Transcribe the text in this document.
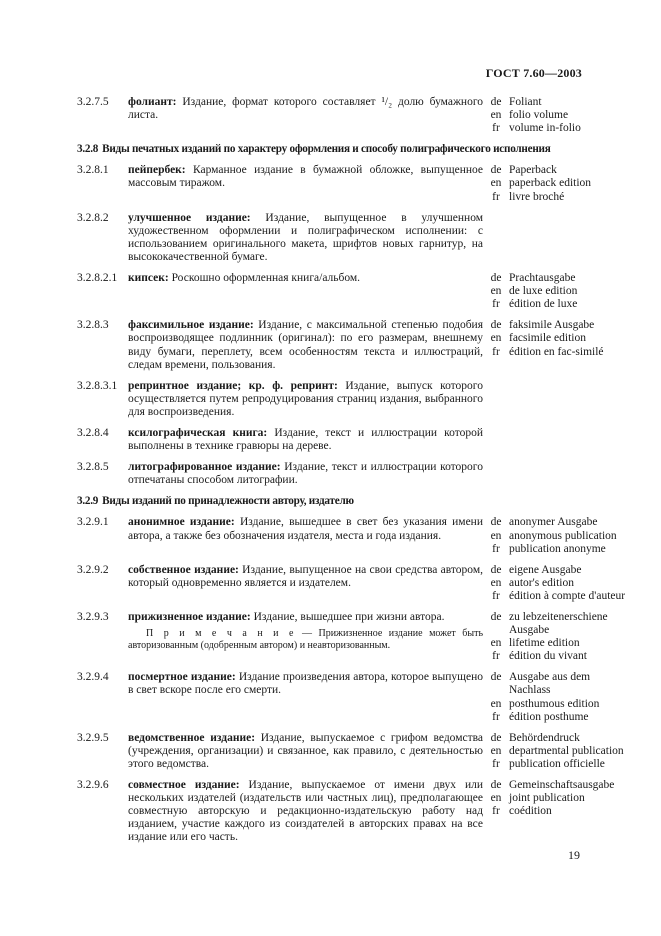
ГОСТ 7.60—2003
3.2.7.5	фолиант: Издание, формат которого составляет ¹/₂ долю бумажного листа.
de Foliant
en folio volume
fr volume in-folio
3.2.8 Виды печатных изданий по характеру оформления и способу полиграфического исполнения
3.2.8.1	пейпербек: Карманное издание в бумажной обложке, выпущенное массовым тиражом.
de Paperback
en paperback edition
fr livre broché
3.2.8.2	улучшенное издание: Издание, выпущенное в улучшенном художественном оформлении и полиграфическом исполнении: с использованием оригинального макета, шрифтов новых гарнитур, на высококачественной бумаге.
3.2.8.2.1 кипсек: Роскошно оформленная книга/альбом.	de Prachtausgabe
en de luxe edition
fr édition de luxe
3.2.8.3	факсимильное издание: Издание, с максимальной степенью подобия воспроизводящее подлинник (оригинал): по его размерам, внешнему виду бумаги, переплету, всем особенностям текста и иллюстраций, следам времени, пользования.
de faksimile Ausgabe
en facsimile edition
fr édition en fac-similé
3.2.8.3.1 репринтное издание; кр. ф. репринт: Издание, выпуск которого осуществляется путем репродуцирования страниц издания, выбранного для воспроизведения.
3.2.8.4	ксилографическая книга: Издание, текст и иллюстрации которой выполнены в технике гравюры на дереве.
3.2.8.5	литографированное издание: Издание, текст и иллюстрации которого отпечатаны способом литографии.
3.2.9 Виды изданий по принадлежности автору, издателю
3.2.9.1	анонимное издание: Издание, вышедшее в свет без указания имени автора, а также без обозначения издателя, места и года издания.
de anonymer Ausgabe
en anonymous publication
fr publication anonyme
3.2.9.2	собственное издание: Издание, выпущенное на свои средства автором, который одновременно является и издателем.
de eigene Ausgabe
en autor's edition
fr édition à compte d'auteur
3.2.9.3	прижизненное издание: Издание, вышедшее при жизни автора.
П р и м е ч а н и е — Прижизненное издание может быть авторизованным (одобренным автором) и неавторизованным.
de zu lebzeitenerschiene
Ausgabe
en lifetime edition
fr édition du vivant
3.2.9.4	посмертное издание: Издание произведения автора, которое выпущено в свет вскоре после его смерти.
de Ausgabe aus dem
Nachlass
en posthumous edition
fr édition posthume
3.2.9.5	ведомственное издание: Издание, выпускаемое с грифом ведомства (учреждения, организации) и связанное, как правило, с деятельностью этого ведомства.
de Behördendruck
en departmental publication
fr publication officielle
3.2.9.6	совместное издание: Издание, выпускаемое от имени двух или нескольких издателей (издательств или частных лиц), предполагающее совместную авторскую и редакционно-издательскую работу над изданием, участие каждого из соиздателей в авторских правах на все издание или его часть.
de Gemeinschaftsausgabe
en joint publication
fr coédition
19
